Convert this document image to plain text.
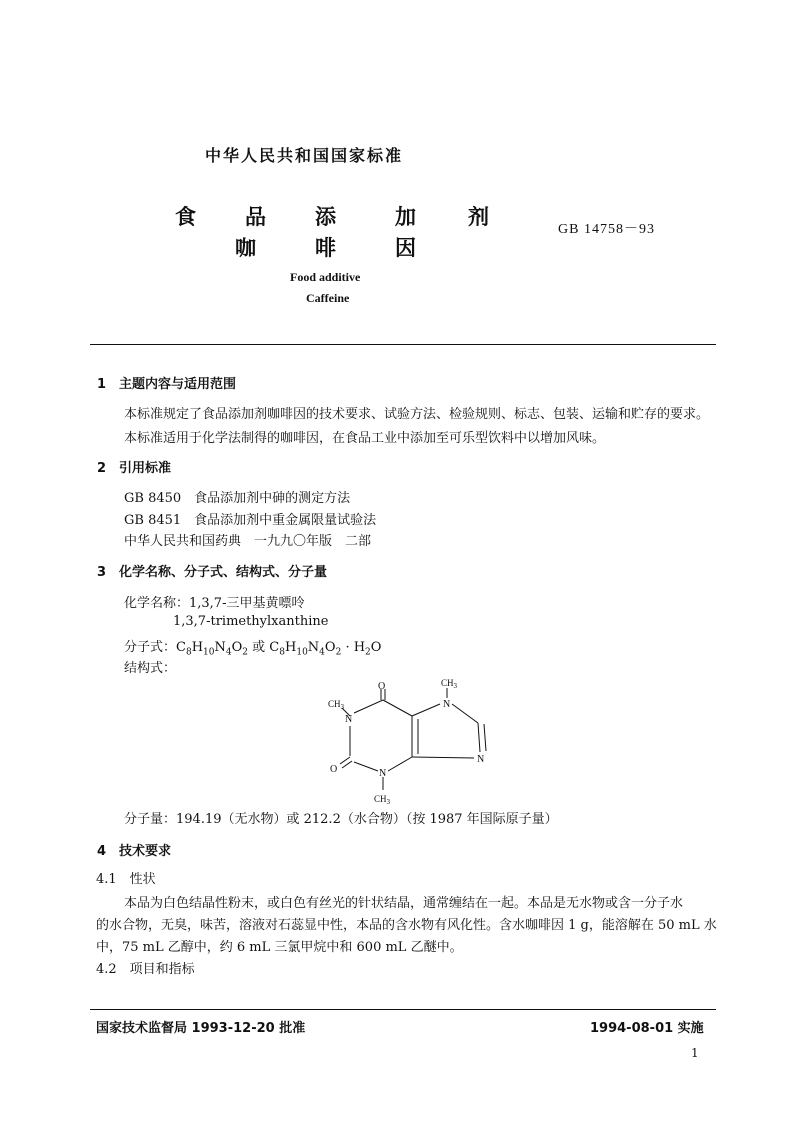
中华人民共和国国家标准
食 品 添	加 剂
咖	啡	因
GB 14758－93
Food additive
Caffeine
1　主题内容与适用范围
本标准规定了食品添加剂咖啡因的技术要求、试验方法、检验规则、标志、包装、运输和贮存的要求。
本标准适用于化学法制得的咖啡因，在食品工业中添加至可乐型饮料中以增加风味。
2　引用标准
GB 8450　食品添加剂中砷的测定方法
GB 8451　食品添加剂中重金属限量试验法
中华人民共和国药典　一九九〇年版　二部
3　化学名称、分子式、结构式、分子量
化学名称：1,3,7-三甲基黄嘌呤
1,3,7-trimethylxanthine
分子式：$C_8H_{10}N_4O_2$ 或 $C_8H_{10}N_4O_2 \cdot H_2O$
结构式：
O
O
N
N
N
N
$CH_3$
$CH_3$
$CH_3$
分子量：194.19（无水物）或 212.2（水合物）（按 1987 年国际原子量）
4　技术要求
4.1　性状
本品为白色结晶性粉末，或白色有丝光的针状结晶，通常缠结在一起。本品是无水物或含一分子水
的水合物，无臭，味苦，溶液对石蕊显中性，本品的含水物有风化性。含水咖啡因 1 g，能溶解在 50 mL 水
中，75 mL 乙醇中，约 6 mL 三氯甲烷中和 600 mL 乙醚中。
4.2　项目和指标
国家技术监督局 1993-12-20 批准	1994-08-01 实施
1
